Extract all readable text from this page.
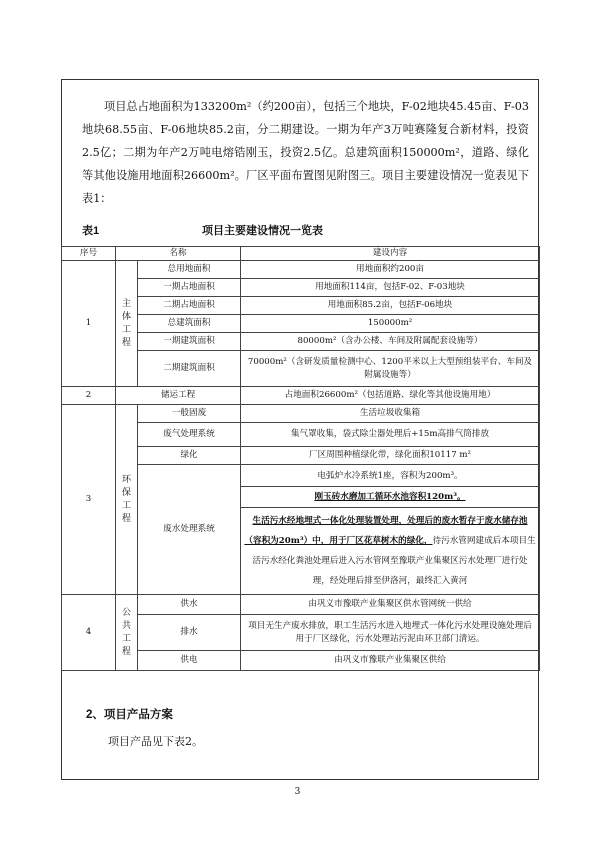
项目总占地面积为133200m²（约200亩），包括三个地块，F-02地块45.45亩、F-03地块68.55亩、F-06地块85.2亩，分二期建设。一期为年产3万吨赛隆复合新材料，投资2.5亿；二期为年产2万吨电熔锆刚玉，投资2.5亿。总建筑面积150000m²，道路、绿化等其他设施用地面积26600m²。厂区平面布置图见附图三。项目主要建设情况一览表见下表1：

表1	项目主要建设情况一览表
序号	名称		建设内容
1	主体工程	总用地面积	用地面积约200亩
		一期占地面积	用地面积114亩，包括F-02、F-03地块
		二期占地面积	用地面积85.2亩，包括F-06地块
		总建筑面积	150000m²
		一期建筑面积	80000m²（含办公楼、车间及附属配套设施等）
		二期建筑面积	70000m²（含研发质量检测中心、1200平米以上大型预组装平台、车间及附属设施等）
2	储运工程		占地面积26600m²（包括道路、绿化等其他设施用地）
3	环保工程	一般固废	生活垃圾收集箱
		废气处理系统	集气罩收集，袋式除尘器处理后+15m高排气筒排放
		绿化	厂区周围种植绿化带，绿化面积10117 m²
		废水处理系统	电弧炉水冷系统1座，容积为200m³。
刚玉砖水磨加工循环水池容积120m³。
生活污水经地埋式一体化处理装置处理，处理后的废水暂存于废水储存池（容积为20m³）中，用于厂区花草树木的绿化，待污水管网建成后本项目生活污水经化粪池处理后进入污水管网至豫联产业集聚区污水处理厂进行处理，经处理后排至伊洛河，最终汇入黄河

4	公共工程	供水	由巩义市豫联产业集聚区供水管网统一供给
		排水	项目无生产废水排放，职工生活污水进入地埋式一体化污水处理设施处理后用于厂区绿化，污水处理站污泥由环卫部门清运。
		供电	由巩义市豫联产业集聚区供给
2、项目产品方案
项目产品见下表2。
3
